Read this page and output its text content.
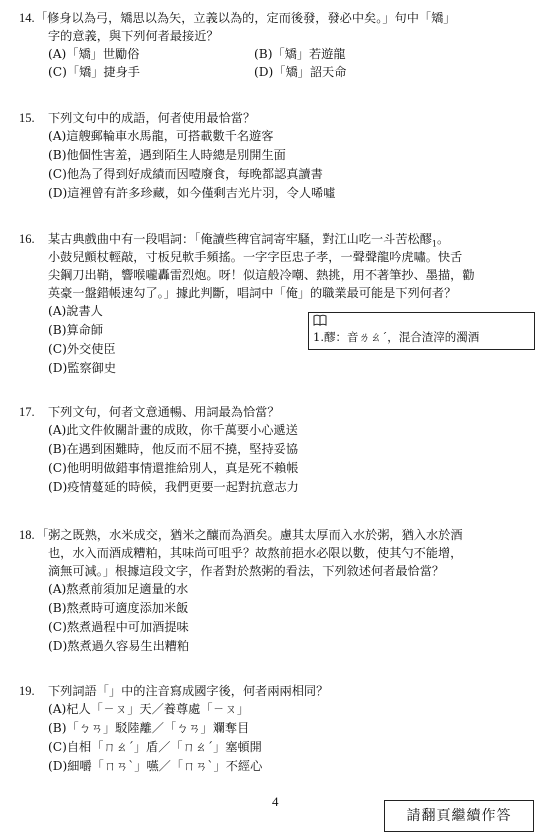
14. 「修身以為弓，矯思以為矢，立義以為的，定而後發，發必中矣。」句中「矯」
字的意義，與下列何者最接近？
(A)「矯」世勵俗	(B)「矯」若遊龍
(C)「矯」捷身手	(D)「矯」詔天命
15. 下列文句中的成語，何者使用最恰當？
(A)這艘郵輪車水馬龍，可搭載數千名遊客
(B)他個性害羞，遇到陌生人時總是別開生面
(C)他為了得到好成績而因噎廢食，每晚都認真讀書
(D)這裡曾有許多珍藏，如今僅剩吉光片羽，令人唏噓
16. 某古典戲曲中有一段唱詞：「俺讀些稗官詞寄牢騷，對江山吃一斗苦松醪$_1$。
小鼓兒顫杖輕敲，寸板兒軟手頻搖。一字字臣忠子孝，一聲聲龍吟虎嘯。快舌
尖鋼刀出鞘，響喉嚨轟雷烈炮。呀！似這般冷嘲、熱挑，用不著筆抄、墨描，勸
英豪一盤錯帳速勾了。」據此判斷，唱詞中「俺」的職業最可能是下列何者？
(A)說書人
(B)算命師
(C)外交使臣
(D)監察御史
1.醪：音ㄌㄠˊ，混合渣滓的濁酒
17. 下列文句，何者文意通暢、用詞最為恰當？
(A)此文件攸關計畫的成敗，你千萬要小心遞送
(B)在遇到困難時，他反而不屈不撓，堅持妥協
(C)他明明做錯事情還推給別人，真是死不賴帳
(D)疫情蔓延的時候，我們更要一起對抗意志力
18. 「粥之既熟，水米成交，猶米之釀而為酒矣。慮其太厚而入水於粥，猶入水於酒
也，水入而酒成糟粕，其味尚可咀乎？故熬前挹水必限以數，使其勺不能增，
滴無可減。」根據這段文字，作者對於熬粥的看法，下列敘述何者最恰當？
(A)熬煮前須加足適量的水
(B)熬煮時可適度添加米飯
(C)熬煮過程中可加酒提味
(D)熬煮過久容易生出糟粕
19. 下列詞語「」中的注音寫成國字後，何者兩兩相同？
(A)杞人「ㄧㄡ」天／養尊處「ㄧㄡ」
(B)「ㄅㄢ」駁陸離／「ㄅㄢ」斕奪目
(C)自相「ㄇㄠˊ」盾／「ㄇㄠˊ」塞頓開
(D)細嚼「ㄇㄢˋ」嚥／「ㄇㄢˋ」不經心
4
請翻頁繼續作答
